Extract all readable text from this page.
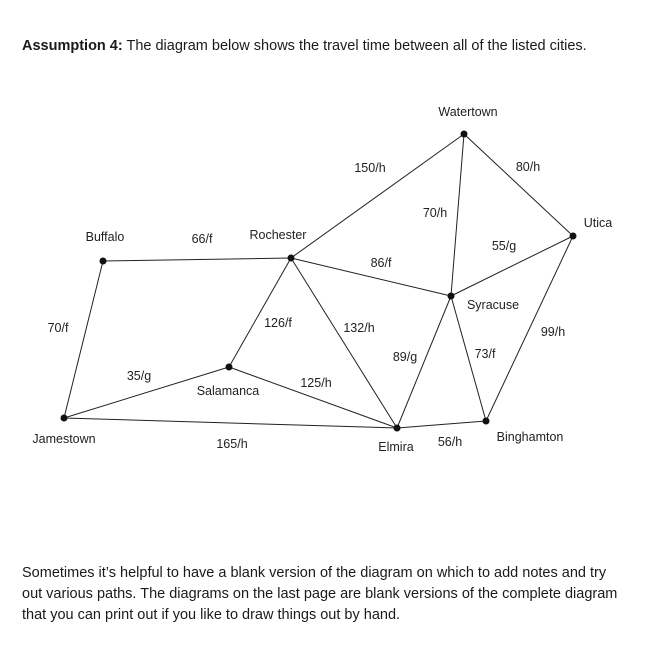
Assumption 4: The diagram below shows the travel time between all of the listed cities.
Watertown
Utica
Syracuse
Rochester
Buffalo
Salamanca
Jamestown
Elmira
Binghamton
150/h	80/h
70/h
55/g
66/f
86/f
126/f	132/h
89/g	73/f
99/h
70/f
35/g	125/h
165/h	56/h
Sometimes it’s helpful to have a blank version of the diagram on which to add notes and try out various paths. The diagrams on the last page are blank versions of the complete diagram that you can print out if you like to draw things out by hand.
